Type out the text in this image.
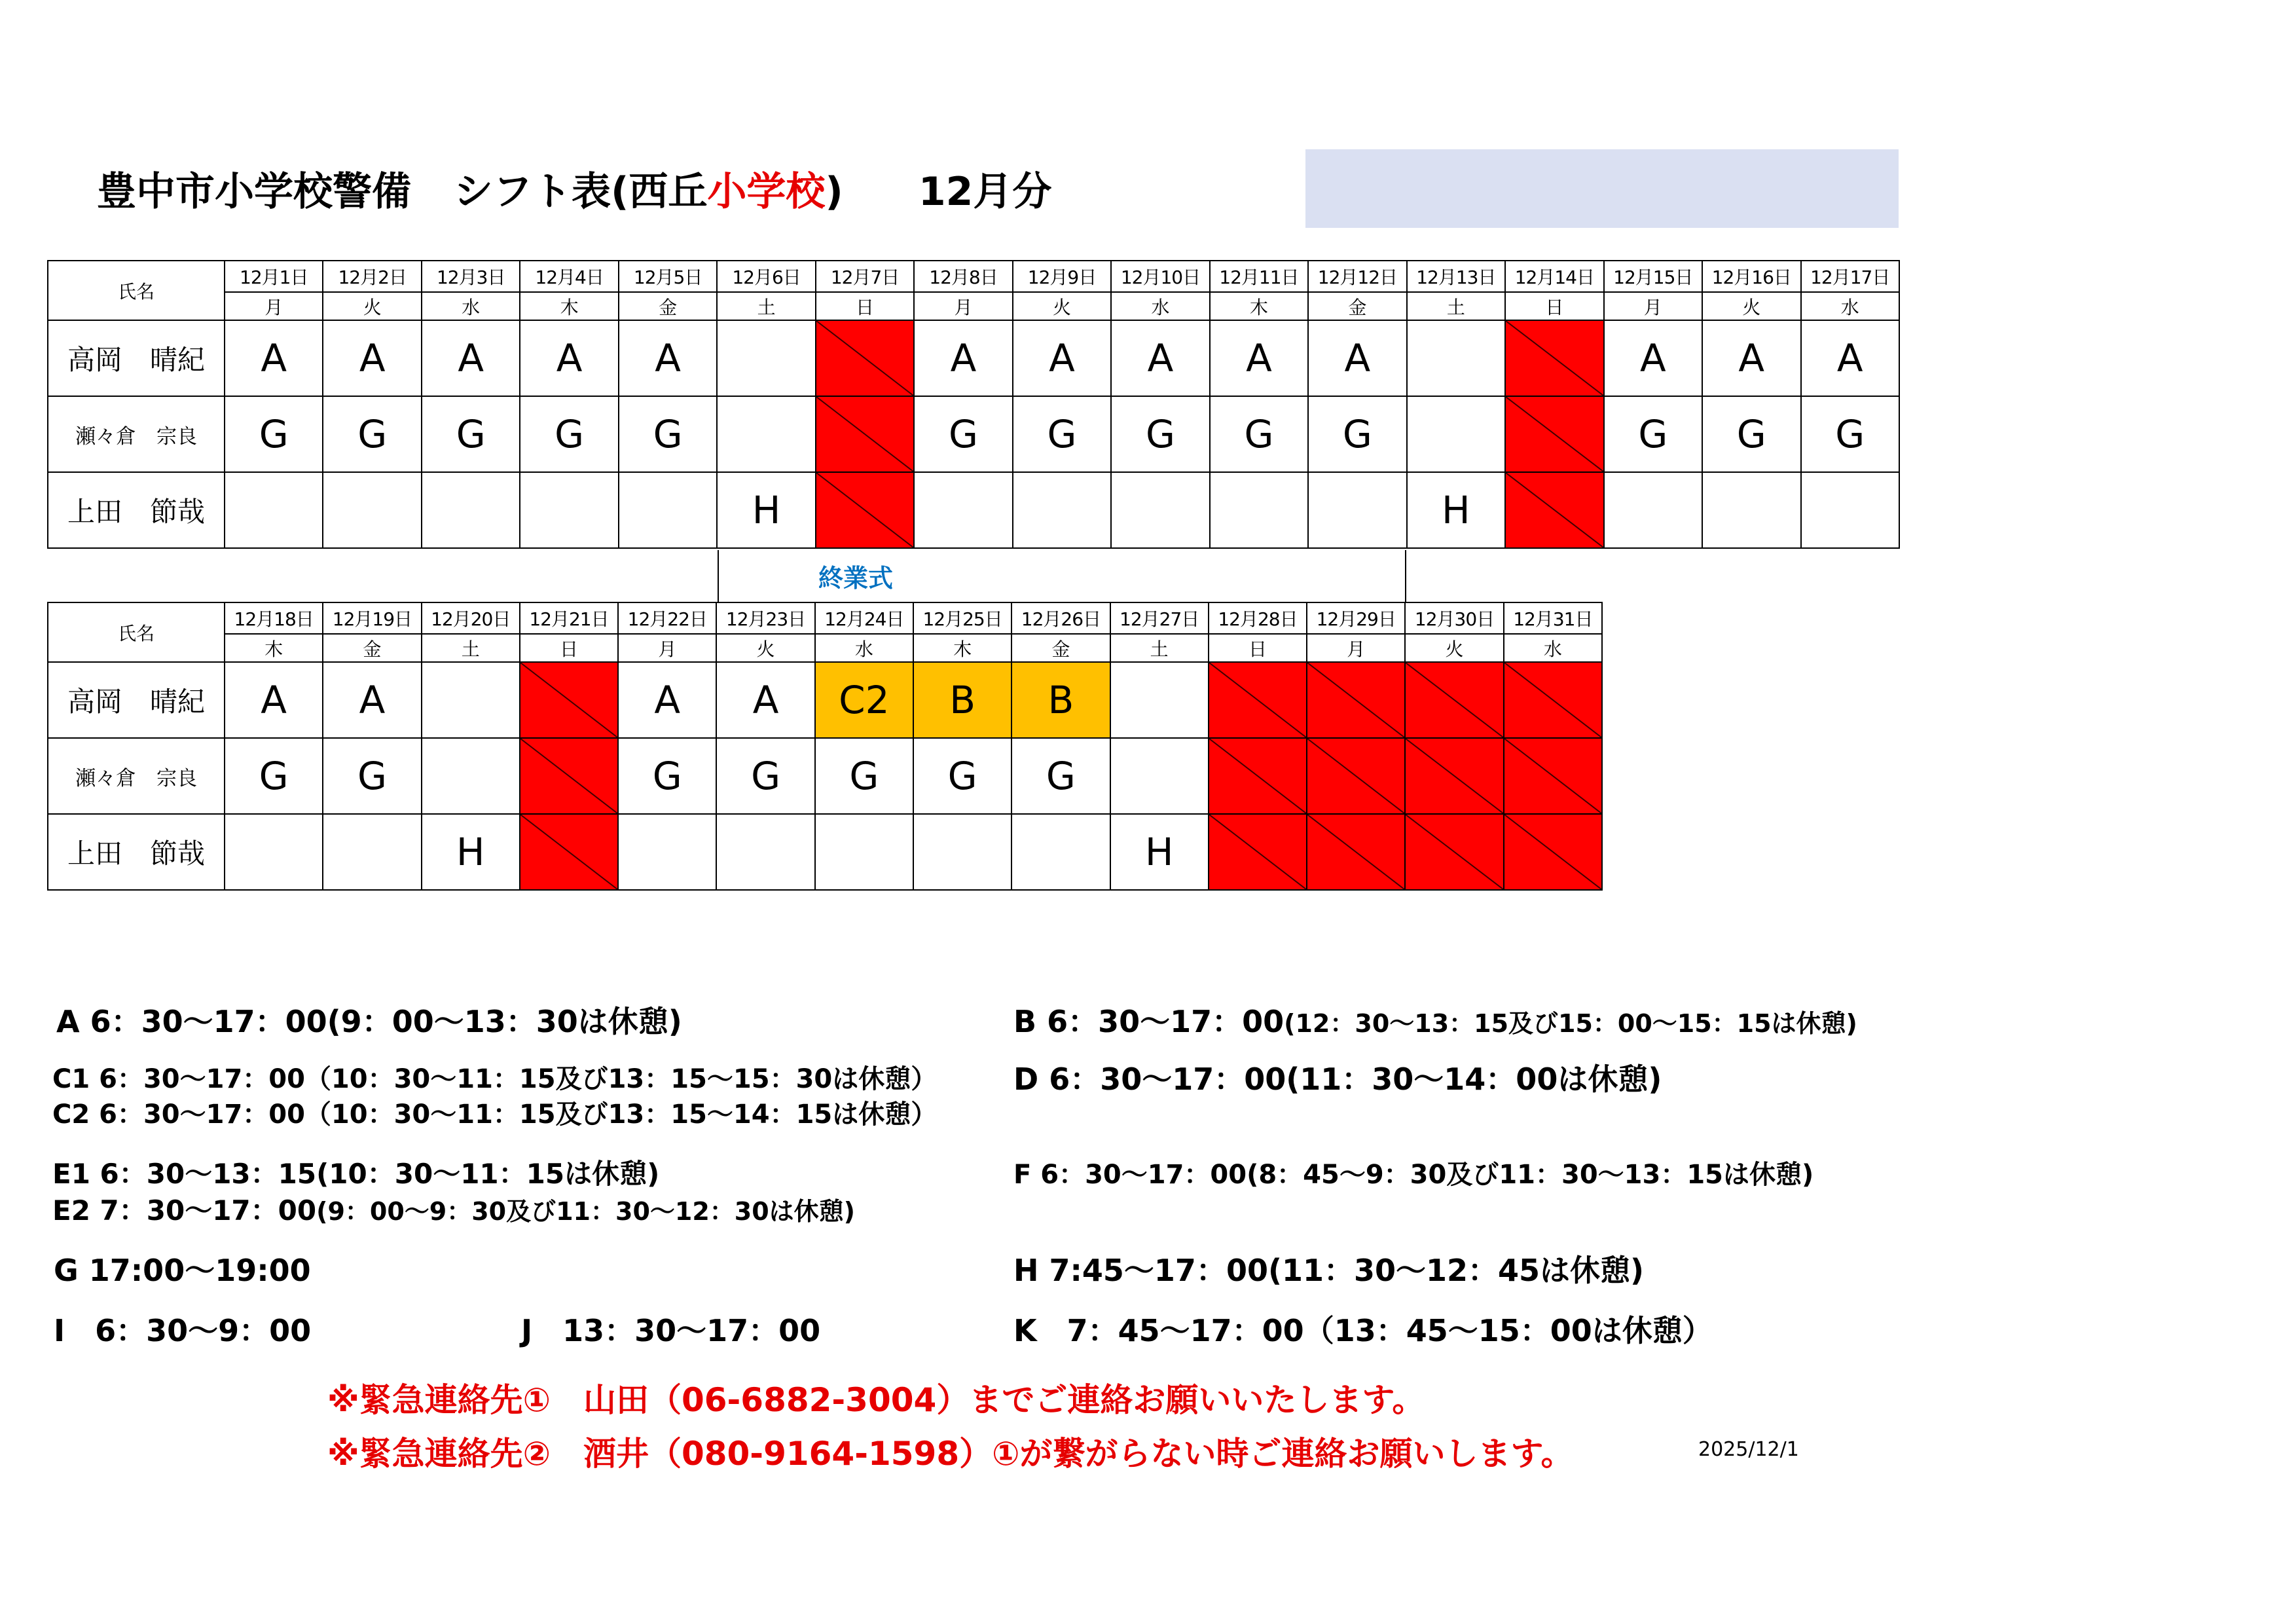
豊中市小学校警備 シフト表(西丘小学校) 12月分
氏名	12月1日	12月2日	12月3日	12月4日	12月5日	12月6日	12月7日	12月8日	12月9日	12月10日	12月11日	12月12日	12月13日	12月14日	12月15日	12月16日	12月17日
	月	火	水	木	金	土	日	月	火	水	木	金	土	日	月	火	水
高岡　晴紀	A	A	A	A	A			A	A	A	A	A			A	A	A
瀬々倉　宗良	G	G	G	G	G			G	G	G	G	G			G	G	G
上田　節哉						H							H				
終業式
氏名	12月18日	12月19日	12月20日	12月21日	12月22日	12月23日	12月24日	12月25日	12月26日	12月27日	12月28日	12月29日	12月30日	12月31日
	木	金	土	日	月	火	水	木	金	土	日	月	火	水
高岡　晴紀	A	A			A	A	C2	B	B					
瀬々倉　宗良	G	G			G	G	G	G	G					
上田　節哉			H							H				
A 6：30～17：00(9：00～13：30は休憩)	B 6：30～17：00(12：30～13：15及び15：00～15：15は休憩)
C1 6：30～17：00（10：30～11：15及び13：15～15：30は休憩）
C2 6：30～17：00（10：30～11：15及び13：15～14：15は休憩）
D 6：30～17：00(11：30～14：00は休憩)
E1 6：30～13：15(10：30～11：15は休憩)
E2 7：30～17：00(9：00～9：30及び11：30～12：30は休憩)
F 6：30～17：00(8：45～9：30及び11：30～13：15は休憩)
G 17:00～19:00	H 7:45～17：00(11：30～12：45は休憩)
I　6：30～9：00	J　13：30～17：00	K　7：45～17：00（13：45～15：00は休憩）
※緊急連絡先①　山田（06-6882-3004）までご連絡お願いいたします。
※緊急連絡先②　酒井（080-9164-1598）①が繋がらない時ご連絡お願いします。	2025/12/1
